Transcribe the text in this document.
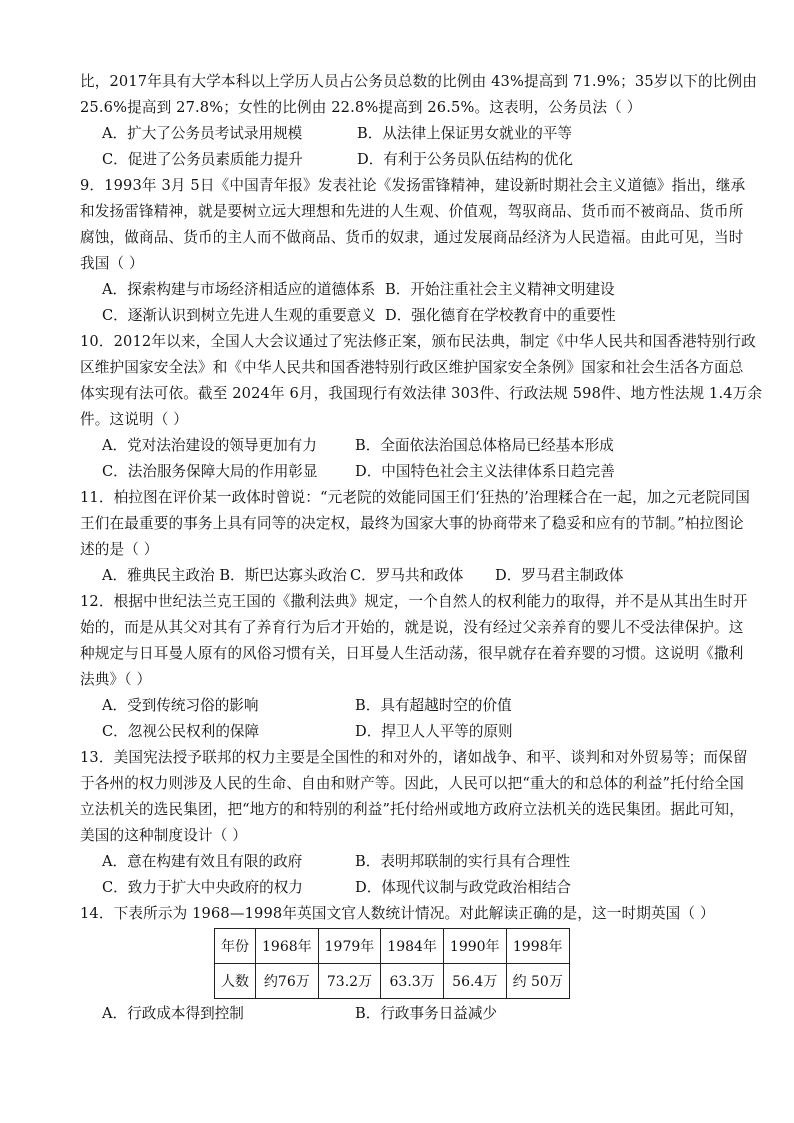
比，2017年具有大学本科以上学历人员占公务员总数的比例由 43%提高到 71.9%；35岁以下的比例由
25.6%提高到 27.8%；女性的比例由 22.8%提高到 26.5%。这表明，公务员法（ ）
A．扩大了公务员考试录用规模	B．从法律上保证男女就业的平等
C．促进了公务员素质能力提升	D．有利于公务员队伍结构的优化
9．1993年 3月 5日《中国青年报》发表社论《发扬雷锋精神，建设新时期社会主义道德》指出，继承
和发扬雷锋精神，就是要树立远大理想和先进的人生观、价值观，驾驭商品、货币而不被商品、货币所
腐蚀，做商品、货币的主人而不做商品、货币的奴隶，通过发展商品经济为人民造福。由此可见，当时
我国（ ）
A．探索构建与市场经济相适应的道德体系 B．开始注重社会主义精神文明建设
C．逐渐认识到树立先进人生观的重要意义 D．强化德育在学校教育中的重要性
10．2012年以来，全国人大会议通过了宪法修正案，颁布民法典，制定《中华人民共和国香港特别行政
区维护国家安全法》和《中华人民共和国香港特别行政区维护国家安全条例》国家和社会生活各方面总
体实现有法可依。截至 2024年 6月，我国现行有效法律 303件、行政法规 598件、地方性法规 1.4万余
件。这说明（ ）
A．党对法治建设的领导更加有力	B．全面依法治国总体格局已经基本形成
C．法治服务保障大局的作用彰显	D．中国特色社会主义法律体系日趋完善
11．柏拉图在评价某一政体时曾说：“元老院的效能同国王们‘狂热的’治理糅合在一起，加之元老院同国
王们在最重要的事务上具有同等的决定权，最终为国家大事的协商带来了稳妥和应有的节制。”柏拉图论
述的是（ ）
A．雅典民主政治 B．斯巴达寡头政治 C．罗马共和政体 D．罗马君主制政体
12．根据中世纪法兰克王国的《撒利法典》规定，一个自然人的权利能力的取得，并不是从其出生时开
始的，而是从其父对其有了养育行为后才开始的，就是说，没有经过父亲养育的婴儿不受法律保护。这
种规定与日耳曼人原有的风俗习惯有关，日耳曼人生活动荡，很早就存在着弃婴的习惯。这说明《撒利
法典》（ ）
A．受到传统习俗的影响	B．具有超越时空的价值
C．忽视公民权利的保障	D．捍卫人人平等的原则
13．美国宪法授予联邦的权力主要是全国性的和对外的，诸如战争、和平、谈判和对外贸易等；而保留
于各州的权力则涉及人民的生命、自由和财产等。因此，人民可以把“重大的和总体的利益”托付给全国
立法机关的选民集团，把“地方的和特别的利益”托付给州或地方政府立法机关的选民集团。据此可知，
美国的这种制度设计（ ）
A．意在构建有效且有限的政府	B．表明邦联制的实行具有合理性
C．致力于扩大中央政府的权力	D．体现代议制与政党政治相结合
14．下表所示为 1968—1998年英国文官人数统计情况。对此解读正确的是，这一时期英国（ ）
年份	1968年	1979年	1984年	1990年	1998年
人数	约76万	73.2万	63.3万	56.4万	约 50万
A．行政成本得到控制	B．行政事务日益减少
